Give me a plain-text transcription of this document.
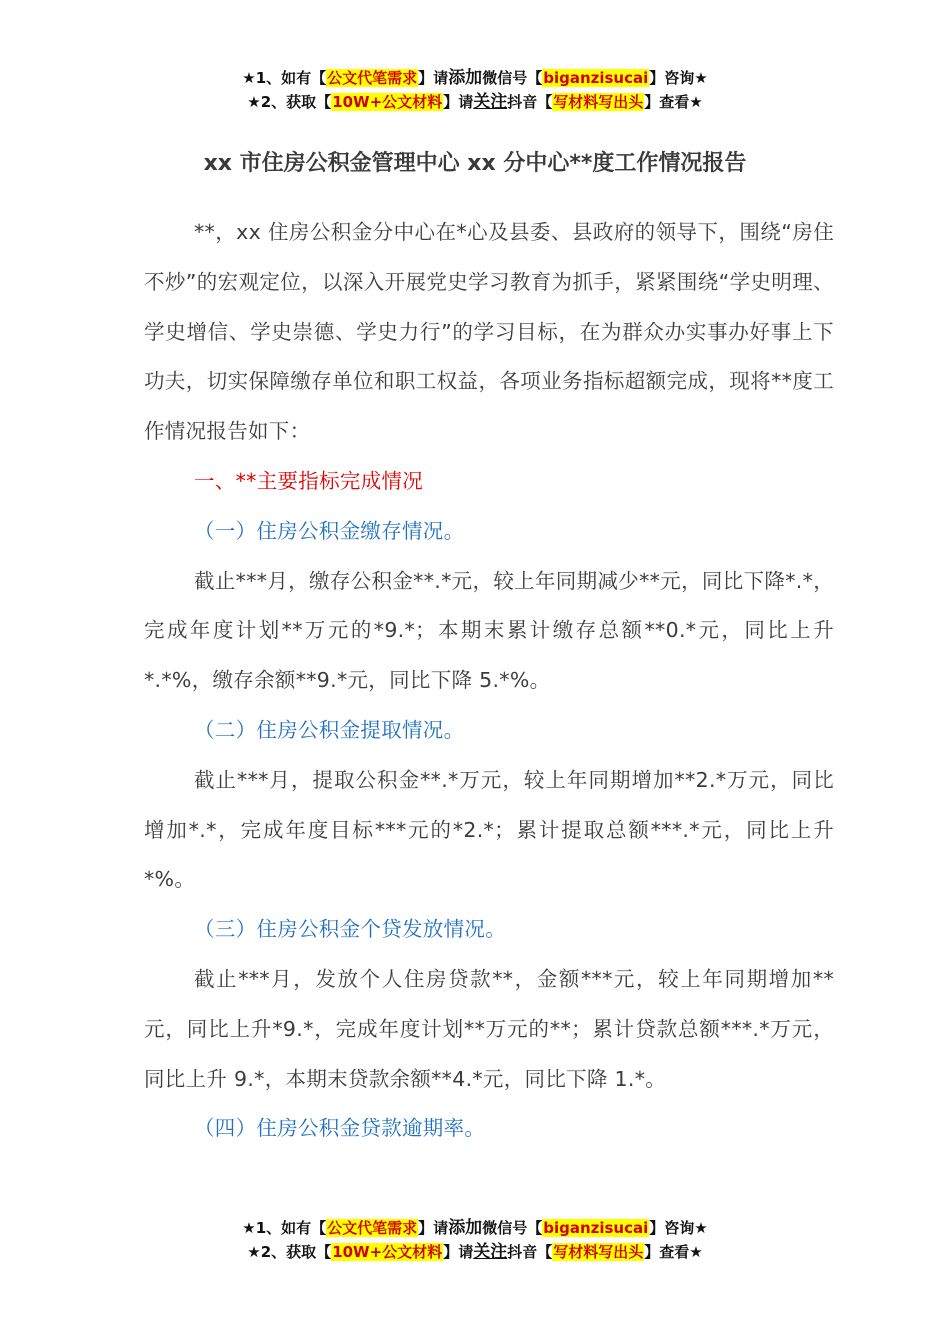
★1、如有【公文代笔需求】请添加微信号【biganzisucai】咨询★
★2、获取【10W+公文材料】请关注抖音【写材料写出头】查看★
xx 市住房公积金管理中心 xx 分中心**度工作情况报告

**，xx 住房公积金分中心在*心及县委、县政府的领导下，围绕“房住不炒”的宏观定位，以深入开展党史学习教育为抓手，紧紧围绕“学史明理、学史增信、学史崇德、学史力行”的学习目标，在为群众办实事办好事上下功夫，切实保障缴存单位和职工权益，各项业务指标超额完成，现将**度工作情况报告如下：

一、**主要指标完成情况

（一）住房公积金缴存情况。

截止***月，缴存公积金**.*元，较上年同期减少**元，同比下降*.*，完成年度计划**万元的*9.*；本期末累计缴存总额**0.*元，同比上升*.*%，缴存余额**9.*元，同比下降 5.*%。

（二）住房公积金提取情况。

截止***月，提取公积金**.*万元，较上年同期增加**2.*万元，同比增加*.*，完成年度目标***元的*2.*；累计提取总额***.*元，同比上升*%。

（三）住房公积金个贷发放情况。

截止***月，发放个人住房贷款**，金额***元，较上年同期增加**元，同比上升*9.*，完成年度计划**万元的**；累计贷款总额***.*万元，同比上升 9.*，本期末贷款余额**4.*元，同比下降 1.*。

（四）住房公积金贷款逾期率。

★1、如有【公文代笔需求】请添加微信号【biganzisucai】咨询★
★2、获取【10W+公文材料】请关注抖音【写材料写出头】查看★
